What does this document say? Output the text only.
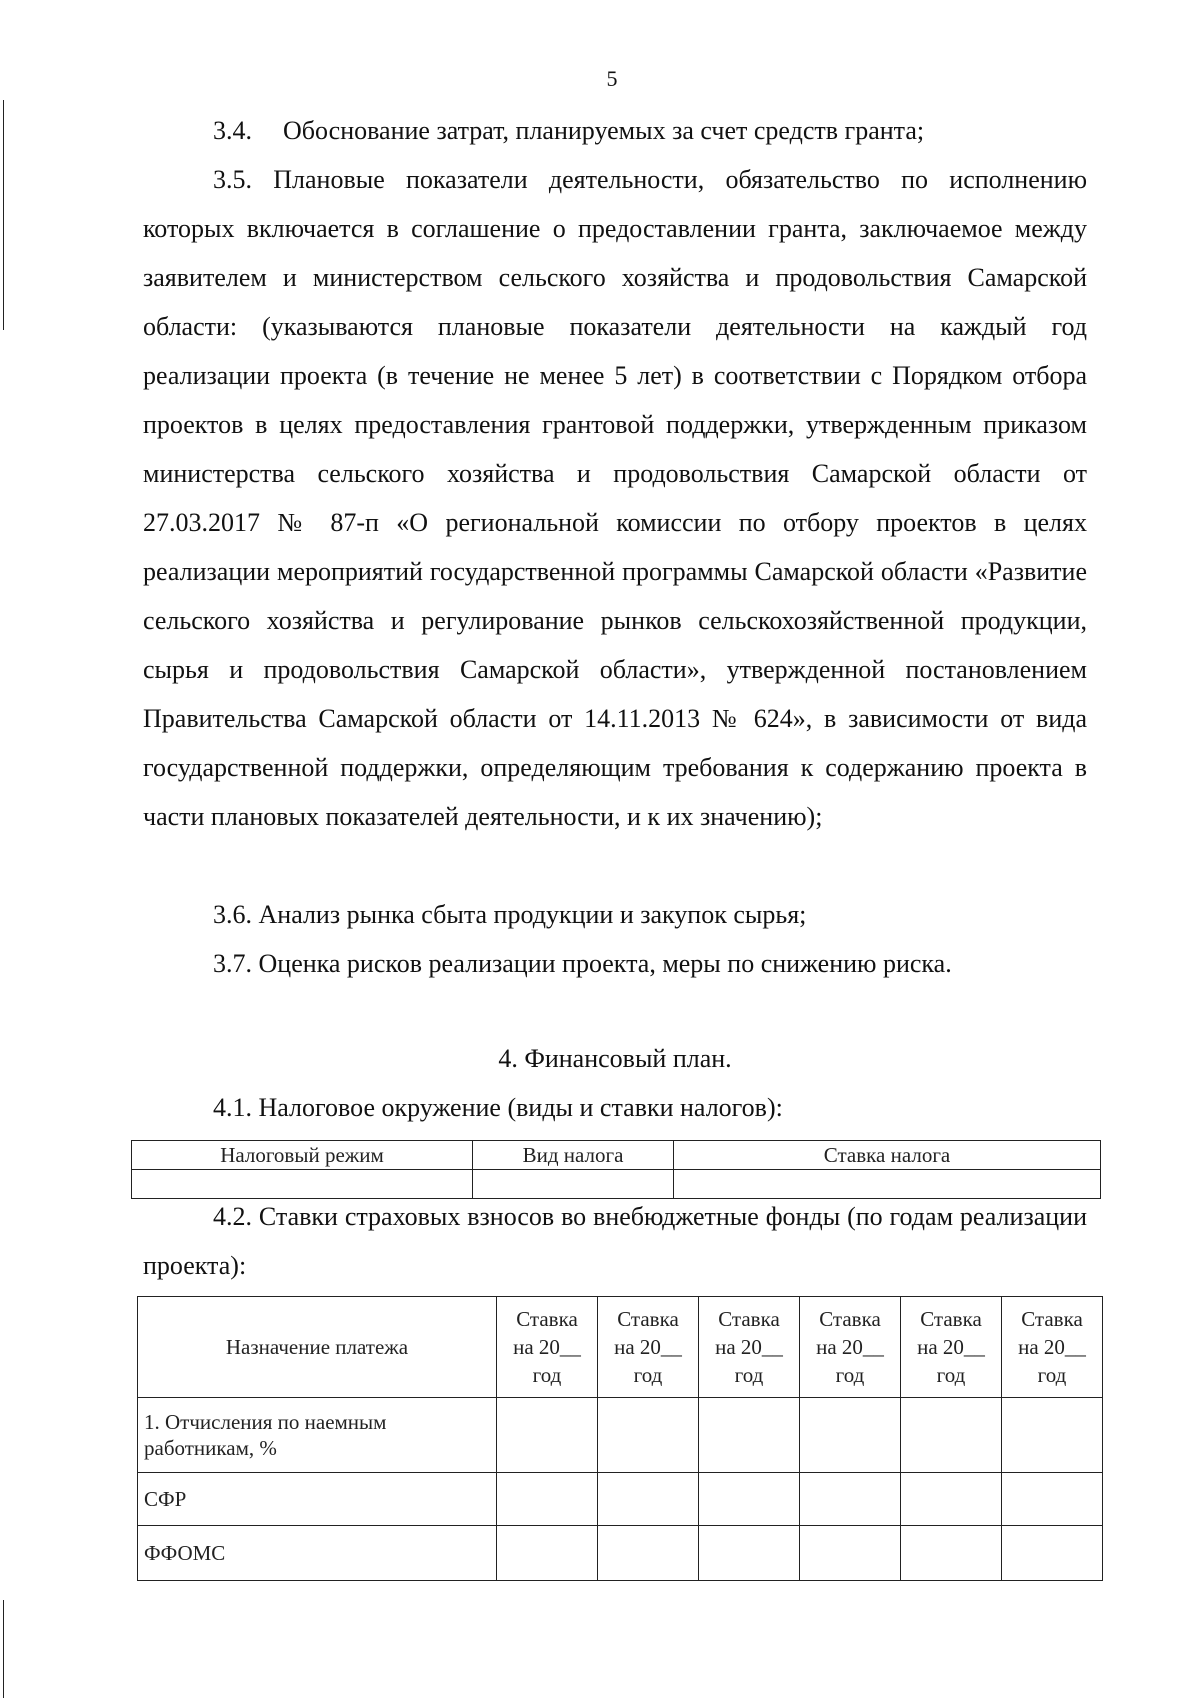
5
3.4. Обоснование затрат, планируемых за счет средств гранта;

3.5. Плановые показатели деятельности, обязательство по исполнению которых включается в соглашение о предоставлении гранта, заключаемое между заявителем и министерством сельского хозяйства и продовольствия Самарской области: (указываются плановые показатели деятельности на каждый год реализации проекта (в течение не менее 5 лет) в соответствии с Порядком отбора проектов в целях предоставления грантовой поддержки, утвержденным приказом министерства сельского хозяйства и продовольствия Самарской области от 27.03.2017 № 87-п «О региональной комиссии по отбору проектов в целях реализации мероприятий государственной программы Самарской области «Развитие сельского хозяйства и регулирование рынков сельскохозяйственной продукции, сырья и продовольствия Самарской области», утвержденной постановлением Правительства Самарской области от 14.11.2013 № 624», в зависимости от вида государственной поддержки, определяющим требования к содержанию проекта в части плановых показателей деятельности, и к их значению);

3.6. Анализ рынка сбыта продукции и закупок сырья;

3.7. Оценка рисков реализации проекта, меры по снижению риска.

4. Финансовый план.

4.1. Налоговое окружение (виды и ставки налогов):

Налоговый режим	Вид налога	Ставка налога

4.2. Ставки страховых взносов во внебюджетные фонды (по годам реализации проекта):

Назначение платежа	Ставка
на 20__
год	Ставка
на 20__
год	Ставка
на 20__
год	Ставка
на 20__
год	Ставка
на 20__
год	Ставка
на 20__
год
1. Отчисления по наемным работникам, %						
СФР						
ФФОМС						
